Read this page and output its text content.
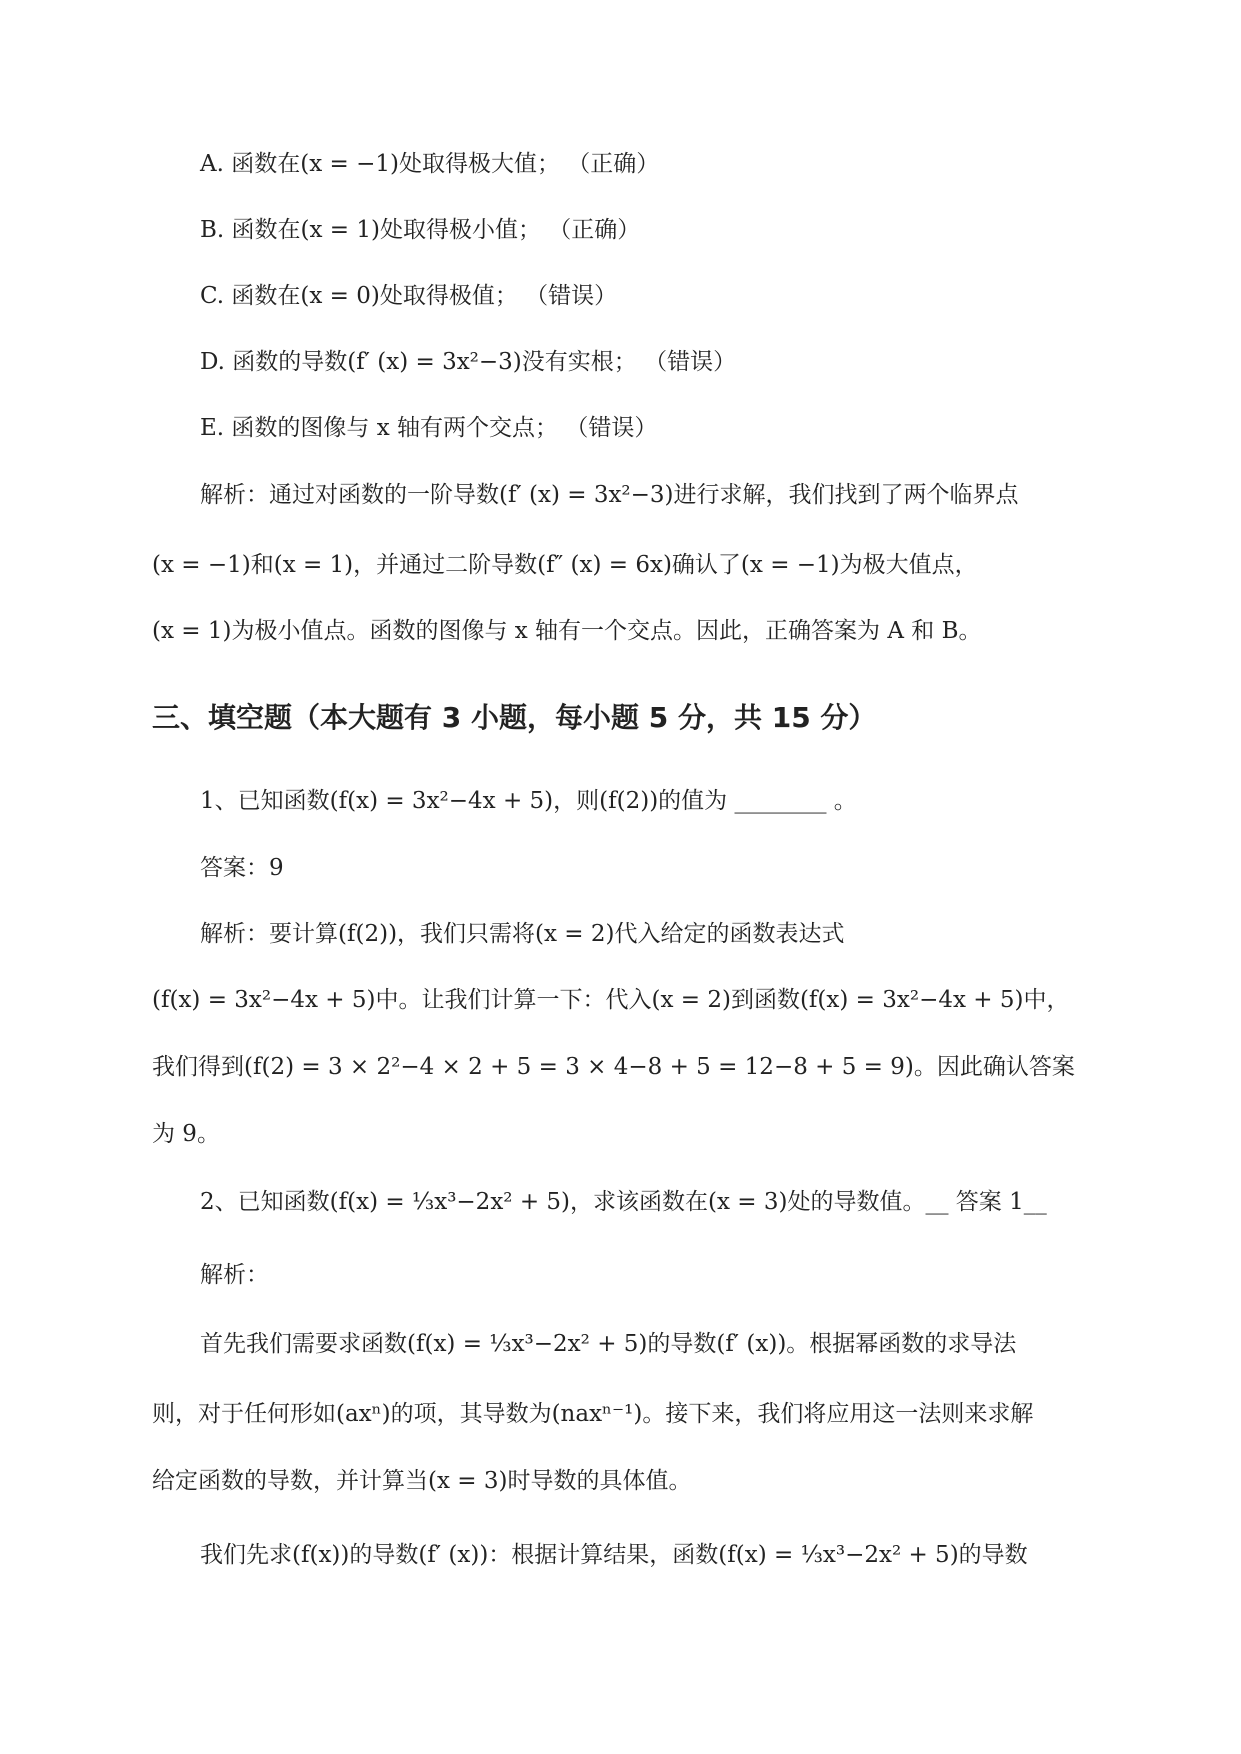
A. 函数在(x = −1)处取得极大值； （正确）
B. 函数在(x = 1)处取得极小值； （正确）
C. 函数在(x = 0)处取得极值； （错误）
D. 函数的导数(f′ (x) = 3x²−3)没有实根； （错误）
E. 函数的图像与 x 轴有两个交点； （错误）
解析：通过对函数的一阶导数(f′ (x) = 3x²−3)进行求解，我们找到了两个临界点
(x = −1)和(x = 1)，并通过二阶导数(f″ (x) = 6x)确认了(x = −1)为极大值点，
(x = 1)为极小值点。函数的图像与 x 轴有一个交点。因此，正确答案为 A 和 B。
三、填空题（本大题有 3 小题，每小题 5 分，共 15 分）
1、已知函数(f(x) = 3x²−4x + 5)，则(f(2))的值为 ________ 。
答案：9
解析：要计算(f(2))，我们只需将(x = 2)代入给定的函数表达式
(f(x) = 3x²−4x + 5)中。让我们计算一下：代入(x = 2)到函数(f(x) = 3x²−4x + 5)中，
我们得到(f(2) = 3 × 2²−4 × 2 + 5 = 3 × 4−8 + 5 = 12−8 + 5 = 9)。因此确认答案
为 9。
2、已知函数(f(x) = ⅓x³−2x² + 5)，求该函数在(x = 3)处的导数值。__ 答案 1__
解析：
首先我们需要求函数(f(x) = ⅓x³−2x² + 5)的导数(f′ (x))。根据幂函数的求导法
则，对于任何形如(axⁿ)的项，其导数为(naxⁿ⁻¹)。接下来，我们将应用这一法则来求解
给定函数的导数，并计算当(x = 3)时导数的具体值。
我们先求(f(x))的导数(f′ (x))：根据计算结果，函数(f(x) = ⅓x³−2x² + 5)的导数
